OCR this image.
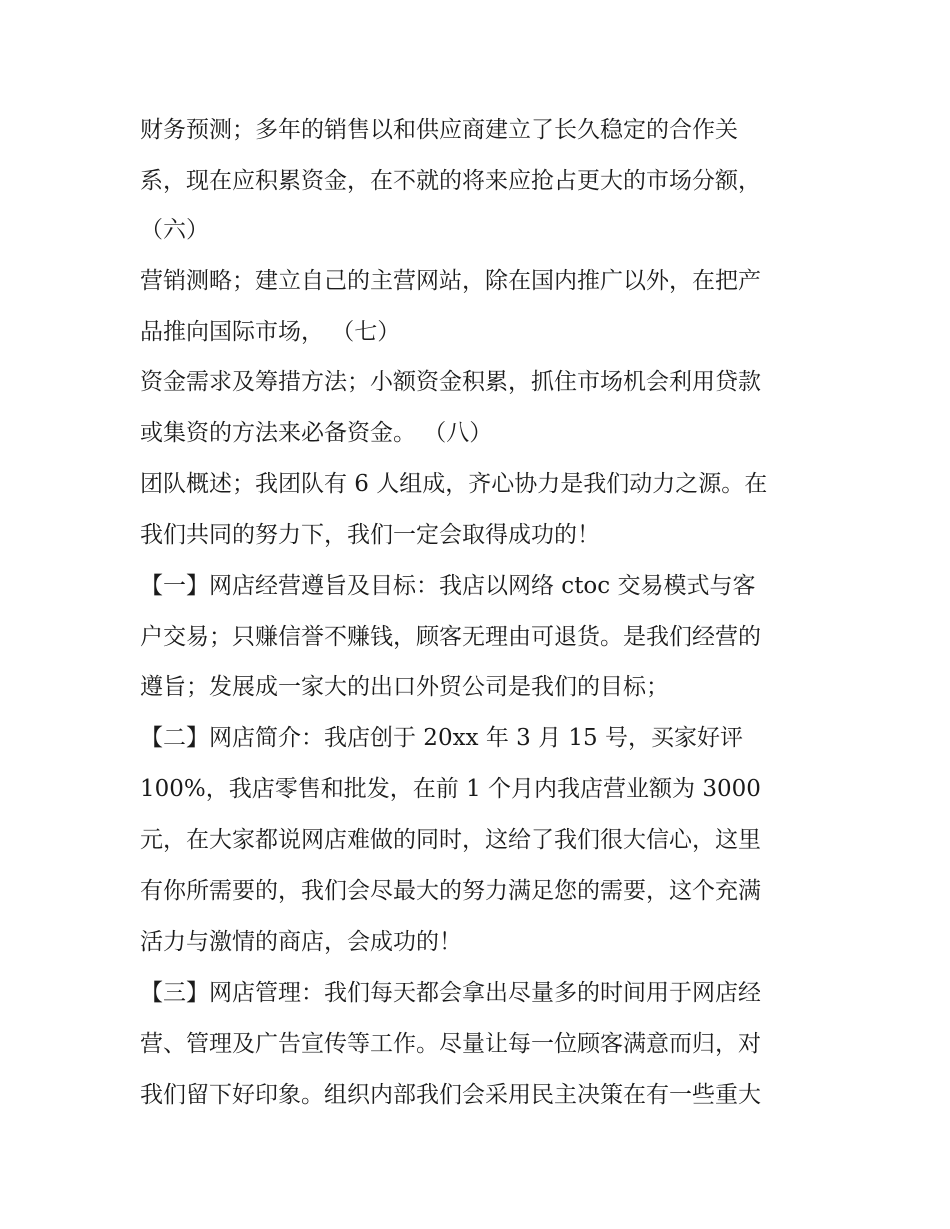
财务预测；多年的销售以和供应商建立了长久稳定的合作关
系，现在应积累资金，在不就的将来应抢占更大的市场分额，
（六）
营销测略；建立自己的主营网站，除在国内推广以外，在把产
品推向国际市场， （七）
资金需求及筹措方法；小额资金积累，抓住市场机会利用贷款
或集资的方法来必备资金。 （八）
团队概述；我团队有 6 人组成，齐心协力是我们动力之源。在
我们共同的努力下，我们一定会取得成功的！
【一】网店经营遵旨及目标：我店以网络 ctoc 交易模式与客
户交易；只赚信誉不赚钱，顾客无理由可退货。是我们经营的
遵旨；发展成一家大的出口外贸公司是我们的目标；
【二】网店简介：我店创于 20xx 年 3 月 15 号，买家好评
100%，我店零售和批发，在前 1 个月内我店营业额为 3000
元，在大家都说网店难做的同时，这给了我们很大信心，这里
有你所需要的，我们会尽最大的努力满足您的需要，这个充满
活力与激情的商店，会成功的！
【三】网店管理：我们每天都会拿出尽量多的时间用于网店经
营、管理及广告宣传等工作。尽量让每一位顾客满意而归，对
我们留下好印象。组织内部我们会采用民主决策在有一些重大
